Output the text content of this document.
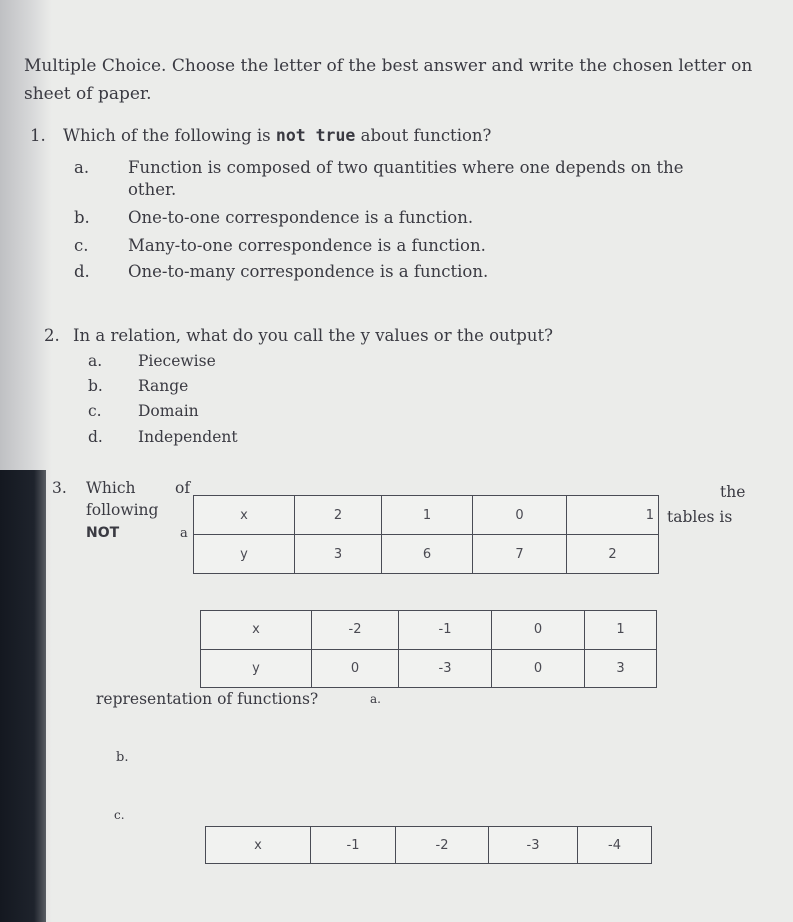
Multiple Choice. Choose the letter of the best answer and write the chosen letter on sheet of paper.
1. Which of the following is not true about function?
a. Function is composed of two quantities where one depends on the
other.
b. One-to-one correspondence is a function.
c. Many-to-one correspondence is a function.
d. One-to-many correspondence is a function.
2. In a relation, what do you call the y values or the output?
a. Piecewise
b. Range
c. Domain
d. Independent
3. Which	of	the
following	tables is
NOT	a
x	2	1	0	1
y	3	6	7	2
x	-2	-1	0	1
y	0	-3	0	3
representation of functions?	a.
b.
c.
x	-1	-2	-3	-4
